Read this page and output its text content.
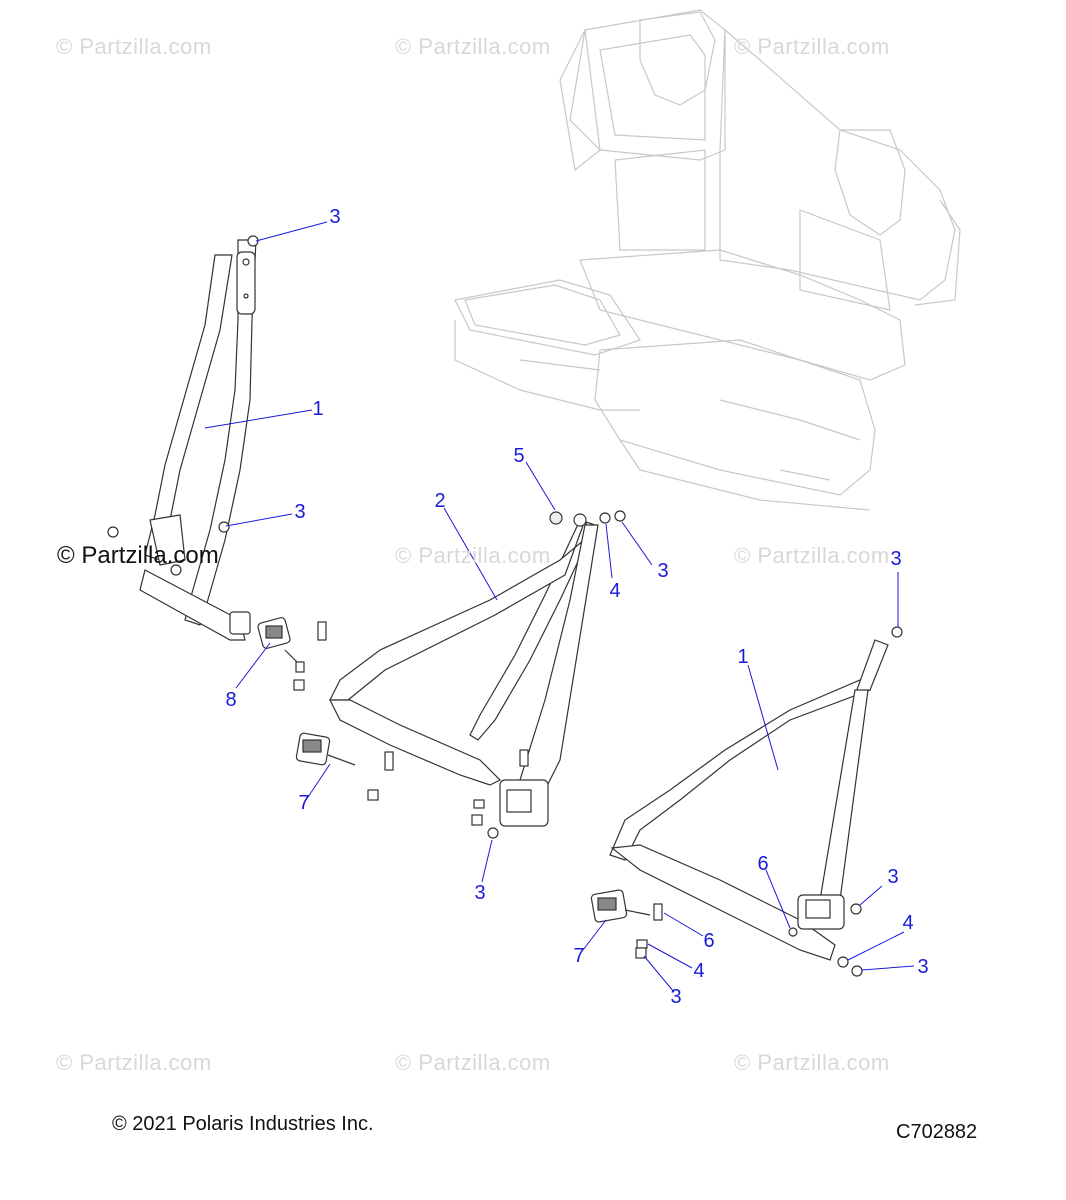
© Partzilla.com	© Partzilla.com	© Partzilla.com
© Partzilla.com	© Partzilla.com	© Partzilla.com
© Partzilla.com	© Partzilla.com	© Partzilla.com
3
1
3
8
5
2
4
3
7
3
3
1
6
3
4
3
6
7
4
3
© 2021 Polaris Industries Inc.	C702882
